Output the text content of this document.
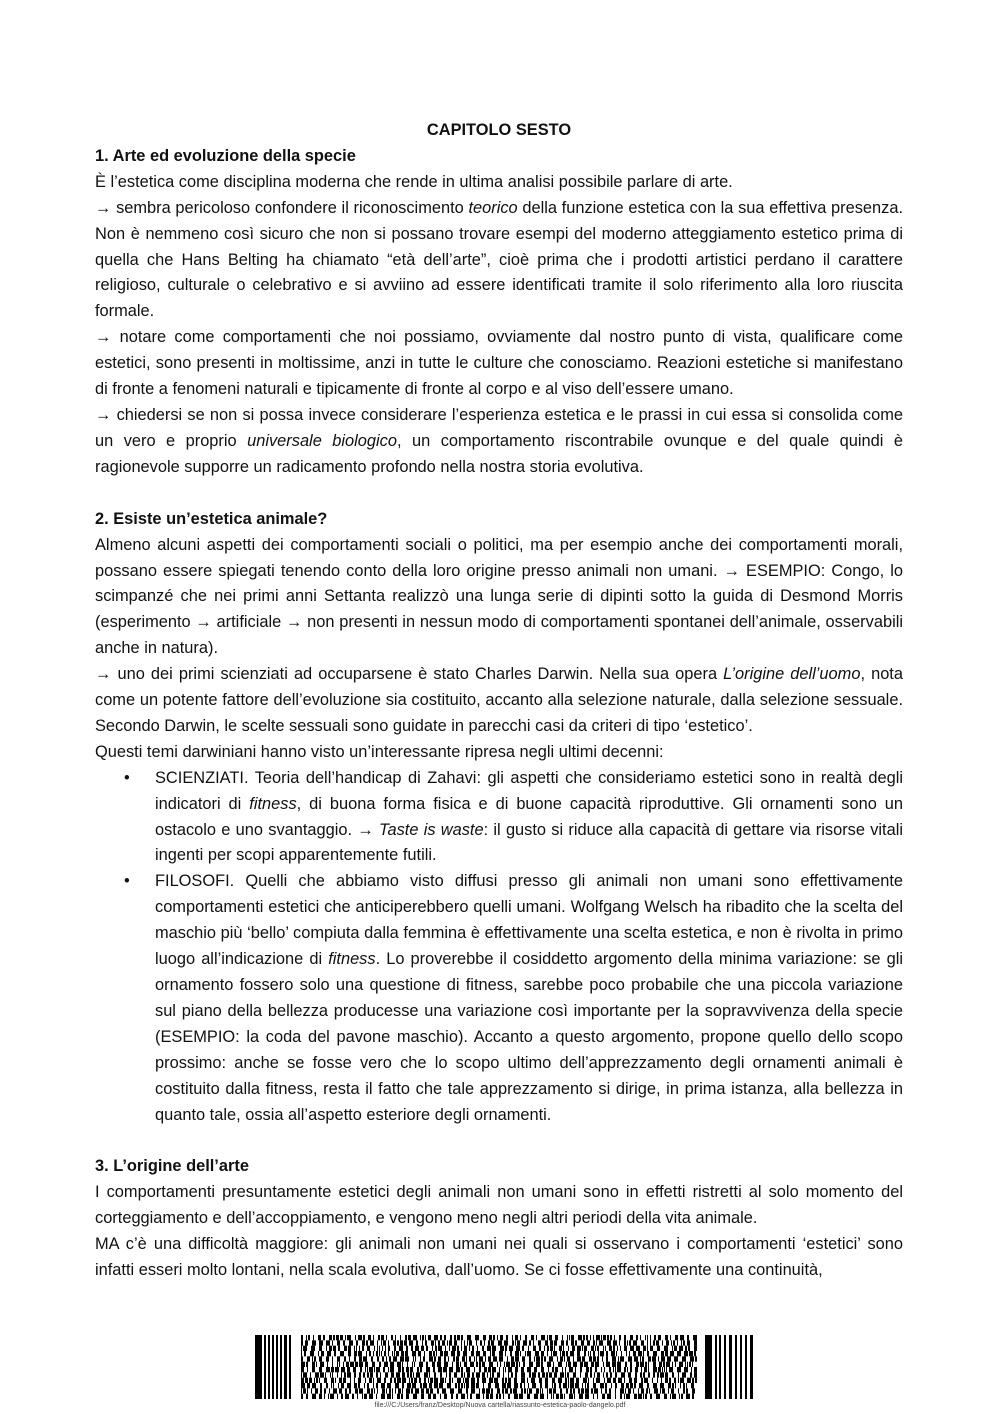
CAPITOLO SESTO

1. Arte ed evoluzione della specie

È l’estetica come disciplina moderna che rende in ultima analisi possibile parlare di arte.

→ sembra pericoloso confondere il riconoscimento teorico della funzione estetica con la sua effettiva presenza. Non è nemmeno così sicuro che non si possano trovare esempi del moderno atteggiamento estetico prima di quella che Hans Belting ha chiamato “età dell’arte”, cioè prima che i prodotti artistici perdano il carattere religioso, culturale o celebrativo e si avviino ad essere identificati tramite il solo riferimento alla loro riuscita formale.

→ notare come comportamenti che noi possiamo, ovviamente dal nostro punto di vista, qualificare come estetici, sono presenti in moltissime, anzi in tutte le culture che conosciamo. Reazioni estetiche si manifestano di fronte a fenomeni naturali e tipicamente di fronte al corpo e al viso dell’essere umano.

→ chiedersi se non si possa invece considerare l’esperienza estetica e le prassi in cui essa si consolida come un vero e proprio universale biologico, un comportamento riscontrabile ovunque e del quale quindi è ragionevole supporre un radicamento profondo nella nostra storia evolutiva.

2. Esiste un’estetica animale?

Almeno alcuni aspetti dei comportamenti sociali o politici, ma per esempio anche dei comportamenti morali, possano essere spiegati tenendo conto della loro origine presso animali non umani. → ESEMPIO: Congo, lo scimpanzé che nei primi anni Settanta realizzò una lunga serie di dipinti sotto la guida di Desmond Morris (esperimento → artificiale → non presenti in nessun modo di comportamenti spontanei dell’animale, osservabili anche in natura).

→ uno dei primi scienziati ad occuparsene è stato Charles Darwin. Nella sua opera L’origine dell’uomo, nota come un potente fattore dell’evoluzione sia costituito, accanto alla selezione naturale, dalla selezione sessuale. Secondo Darwin, le scelte sessuali sono guidate in parecchi casi da criteri di tipo ‘estetico’.

Questi temi darwiniani hanno visto un’interessante ripresa negli ultimi decenni:

• SCIENZIATI. Teoria dell’handicap di Zahavi: gli aspetti che consideriamo estetici sono in realtà degli indicatori di fitness, di buona forma fisica e di buone capacità riproduttive. Gli ornamenti sono un ostacolo e uno svantaggio. → Taste is waste: il gusto si riduce alla capacità di gettare via risorse vitali ingenti per scopi apparentemente futili.
• FILOSOFI. Quelli che abbiamo visto diffusi presso gli animali non umani sono effettivamente comportamenti estetici che anticiperebbero quelli umani. Wolfgang Welsch ha ribadito che la scelta del maschio più ‘bello’ compiuta dalla femmina è effettivamente una scelta estetica, e non è rivolta in primo luogo all’indicazione di fitness. Lo proverebbe il cosiddetto argomento della minima variazione: se gli ornamento fossero solo una questione di fitness, sarebbe poco probabile che una piccola variazione sul piano della bellezza producesse una variazione così importante per la sopravvivenza della specie (ESEMPIO: la coda del pavone maschio). Accanto a questo argomento, propone quello dello scopo prossimo: anche se fosse vero che lo scopo ultimo dell’apprezzamento degli ornamenti animali è costituito dalla fitness, resta il fatto che tale apprezzamento si dirige, in prima istanza, alla bellezza in quanto tale, ossia all’aspetto esteriore degli ornamenti.

3. L’origine dell’arte

I comportamenti presuntamente estetici degli animali non umani sono in effetti ristretti al solo momento del corteggiamento e dell’accoppiamento, e vengono meno negli altri periodi della vita animale.

MA c’è una difficoltà maggiore: gli animali non umani nei quali si osservano i comportamenti ‘estetici’ sono infatti esseri molto lontani, nella scala evolutiva, dall’uomo. Se ci fosse effettivamente una continuità,

file:///C:/Users/franz/Desktop/Nuova cartella/riassunto-estetica-paolo-dangelo.pdf
